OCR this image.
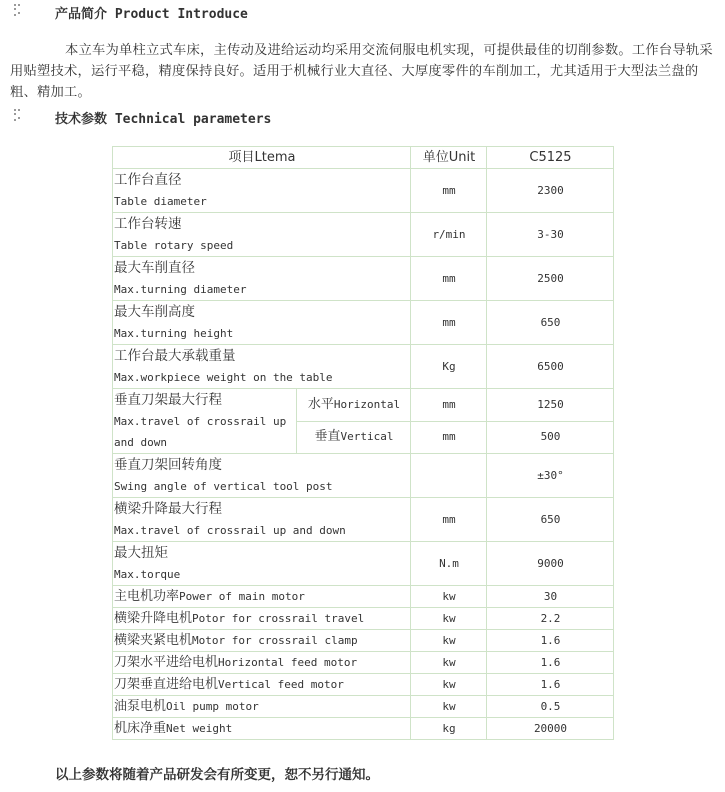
产品简介 Product Introduce
本立车为单柱立式车床，主传动及进给运动均采用交流伺服电机实现，可提供最佳的切削参数。工作台导轨采用贴塑技术，运行平稳，精度保持良好。适用于机械行业大直径、大厚度零件的车削加工，尤其适用于大型法兰盘的粗、精加工。
技术参数 Technical parameters
项目Ltema		单位Unit	C5125

工作台直径
Table diameter		mm	2300

工作台转速
Table rotary speed		r/min	3-30

最大车削直径
Max.turning diameter		mm	2500

最大车削高度
Max.turning height		mm	650

工作台最大承载重量
Max.workpiece weight on the table		Kg	6500

垂直刀架最大行程
Max.travel of crossrail up and down	水平Horizontal	mm	1250
	垂直Vertical	mm	500

垂直刀架回转角度
Swing angle of vertical tool post			±30°

横梁升降最大行程
Max.travel of crossrail up and down		mm	650

最大扭矩
Max.torque		N.m	9000
主电机功率Power of main motor		kw	30
横梁升降电机Potor for crossrail travel		kw	2.2
横梁夹紧电机Motor for crossrail clamp		kw	1.6
刀架水平进给电机Horizontal feed motor		kw	1.6
刀架垂直进给电机Vertical feed motor		kw	1.6
油泵电机Oil pump motor		kw	0.5
机床净重Net weight		kg	20000
以上参数将随着产品研发会有所变更，恕不另行通知。
